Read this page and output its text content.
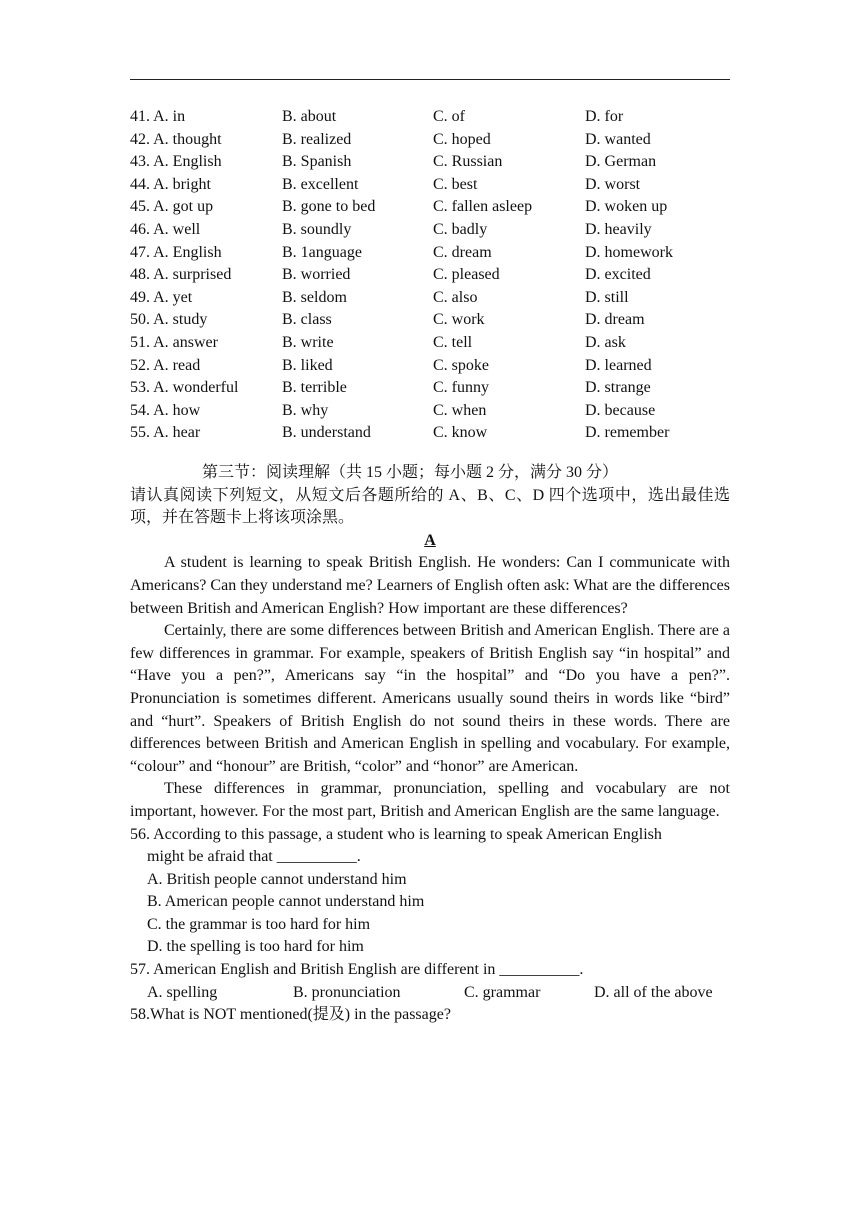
41. A. in	B. about	C. of	D. for
42. A. thought	B. realized	C. hoped	D. wanted
43. A. English	B. Spanish	C. Russian	D. German
44. A. bright	B. excellent	C. best	D. worst
45. A. got up	B. gone to bed	C. fallen asleep	D. woken up
46. A. well	B. soundly	C. badly	D. heavily
47. A. English	B. 1anguage	C. dream	D. homework
48. A. surprised	B. worried	C. pleased	D. excited
49. A. yet	B. seldom	C. also	D. still
50. A. study	B. class	C. work	D. dream
51. A. answer	B. write	C. tell	D. ask
52. A. read	B. liked	C. spoke	D. learned
53. A. wonderful	B. terrible	C. funny	D. strange
54. A. how	B. why	C. when	D. because
55. A. hear	B. understand	C. know	D. remember
第三节：阅读理解（共 15 小题；每小题 2 分，满分 30 分）
请认真阅读下列短文，从短文后各题所给的 A、B、C、D 四个选项中，选出最佳选项，并在答题卡上将该项涂黑。
A
A student is learning to speak British English. He wonders: Can I communicate with Americans? Can they understand me? Learners of English often ask: What are the differences between British and American English? How important are these differences?
Certainly, there are some differences between British and American English. There are a few differences in grammar. For example, speakers of British English say “in hospital” and “Have you a pen?”, Americans say “in the hospital” and “Do you have a pen?”. Pronunciation is sometimes different. Americans usually sound theirs in words like “bird” and “hurt”. Speakers of British English do not sound theirs in these words. There are differences between British and American English in spelling and vocabulary. For example, “colour” and “honour” are British, “color” and “honor” are American.
These differences in grammar, pronunciation, spelling and vocabulary are not important, however. For the most part, British and American English are the same language.
56. According to this passage, a student who is learning to speak American English
might be afraid that __________.
A. British people cannot understand him
B. American people cannot understand him
C. the grammar is too hard for him
D. the spelling is too hard for him
57. American English and British English are different in __________.
A. spelling	B. pronunciation	C. grammar	D. all of the above
58.What is NOT mentioned(提及) in the passage?
